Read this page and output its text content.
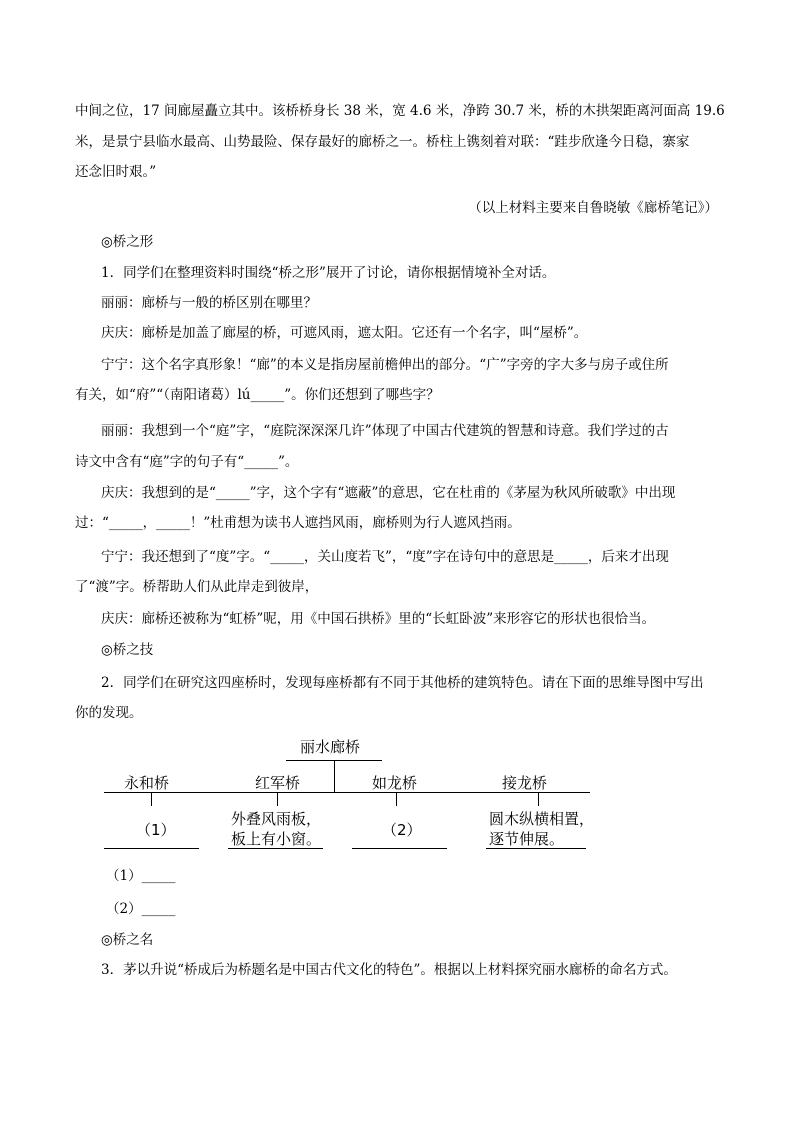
中间之位，17 间廊屋矗立其中。该桥桥身长 38 米，宽 4.6 米，净跨 30.7 米，桥的木拱架距离河面高 19.6
米，是景宁县临水最高、山势最险、保存最好的廊桥之一。桥柱上镌刻着对联：“跬步欣逢今日稳，寨家
还念旧时艰。”
（以上材料主要来自鲁晓敏《廊桥笔记》）
◎桥之形
1．同学们在整理资料时围绕“桥之形”展开了讨论，请你根据情境补全对话。
丽丽：廊桥与一般的桥区别在哪里？
庆庆：廊桥是加盖了廊屋的桥，可遮风雨，遮太阳。它还有一个名字，叫“屋桥”。
宁宁：这个名字真形象！“廊”的本义是指房屋前檐伸出的部分。“广”字旁的字大多与房子或住所
有关，如“府”“（南阳诸葛）lú_____”。你们还想到了哪些字？
丽丽：我想到一个“庭”字，“庭院深深深几许”体现了中国古代建筑的智慧和诗意。我们学过的古
诗文中含有“庭”字的句子有“_____”。
庆庆：我想到的是“_____”字，这个字有“遮蔽”的意思，它在杜甫的《茅屋为秋风所破歌》中出现
过：“_____，_____！”杜甫想为读书人遮挡风雨，廊桥则为行人遮风挡雨。
宁宁：我还想到了“度”字。“_____，关山度若飞”，“度”字在诗句中的意思是_____，后来才出现
了“渡”字。桥帮助人们从此岸走到彼岸，
庆庆：廊桥还被称为“虹桥”呢，用《中国石拱桥》里的“长虹卧波”来形容它的形状也很恰当。
◎桥之技
2．同学们在研究这四座桥时，发现每座桥都有不同于其他桥的建筑特色。请在下面的思维导图中写出
你的发现。
丽水廊桥
永和桥	红军桥	如龙桥	接龙桥
（1）
外叠风雨板，
板上有小窗。	（2）
圆木纵横相置，
逐节伸展。
（1）_____
（2）_____
◎桥之名
3．茅以升说“桥成后为桥题名是中国古代文化的特色”。根据以上材料探究丽水廊桥的命名方式。
